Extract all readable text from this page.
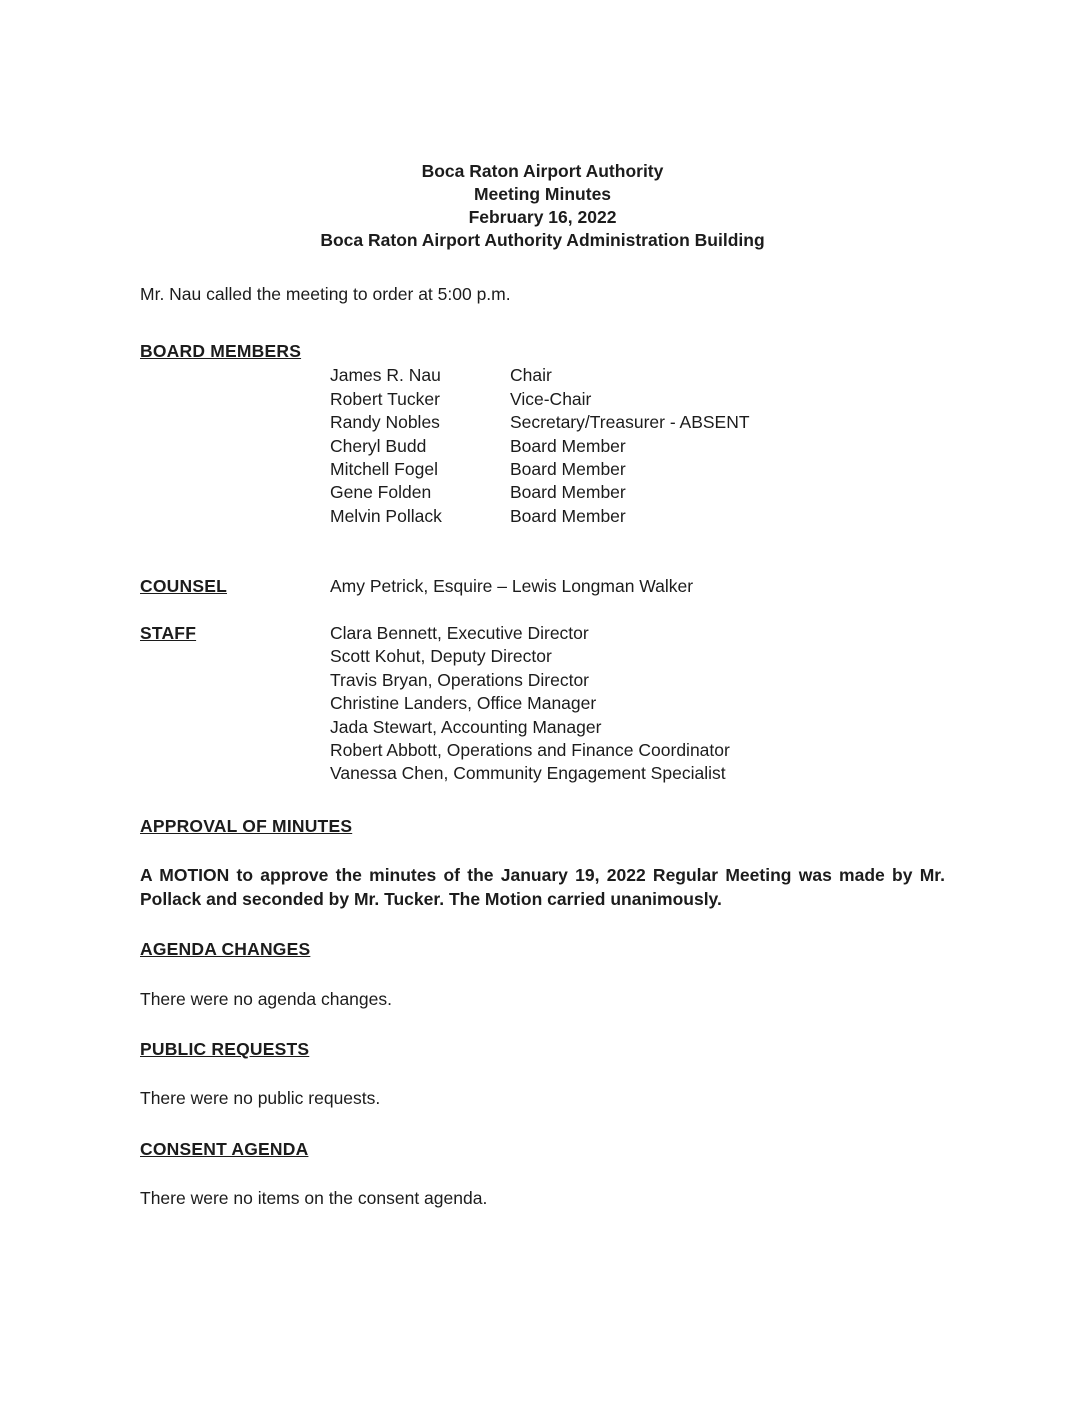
Boca Raton Airport Authority
Meeting Minutes
February 16, 2022
Boca Raton Airport Authority Administration Building

Mr. Nau called the meeting to order at 5:00 p.m.

BOARD MEMBERS
James R. Nau	Chair
Robert Tucker	Vice-Chair
Randy Nobles	Secretary/Treasurer - ABSENT
Cheryl Budd	Board Member
Mitchell Fogel	Board Member
Gene Folden	Board Member
Melvin Pollack	Board Member
COUNSEL	Amy Petrick, Esquire – Lewis Longman Walker
STAFF	Clara Bennett, Executive Director
Scott Kohut, Deputy Director
Travis Bryan, Operations Director
Christine Landers, Office Manager
Jada Stewart, Accounting Manager
Robert Abbott, Operations and Finance Coordinator
Vanessa Chen, Community Engagement Specialist
APPROVAL OF MINUTES

A MOTION to approve the minutes of the January 19, 2022 Regular Meeting was made by Mr. Pollack and seconded by Mr. Tucker. The Motion carried unanimously.

AGENDA CHANGES

There were no agenda changes.

PUBLIC REQUESTS

There were no public requests.

CONSENT AGENDA

There were no items on the consent agenda.
